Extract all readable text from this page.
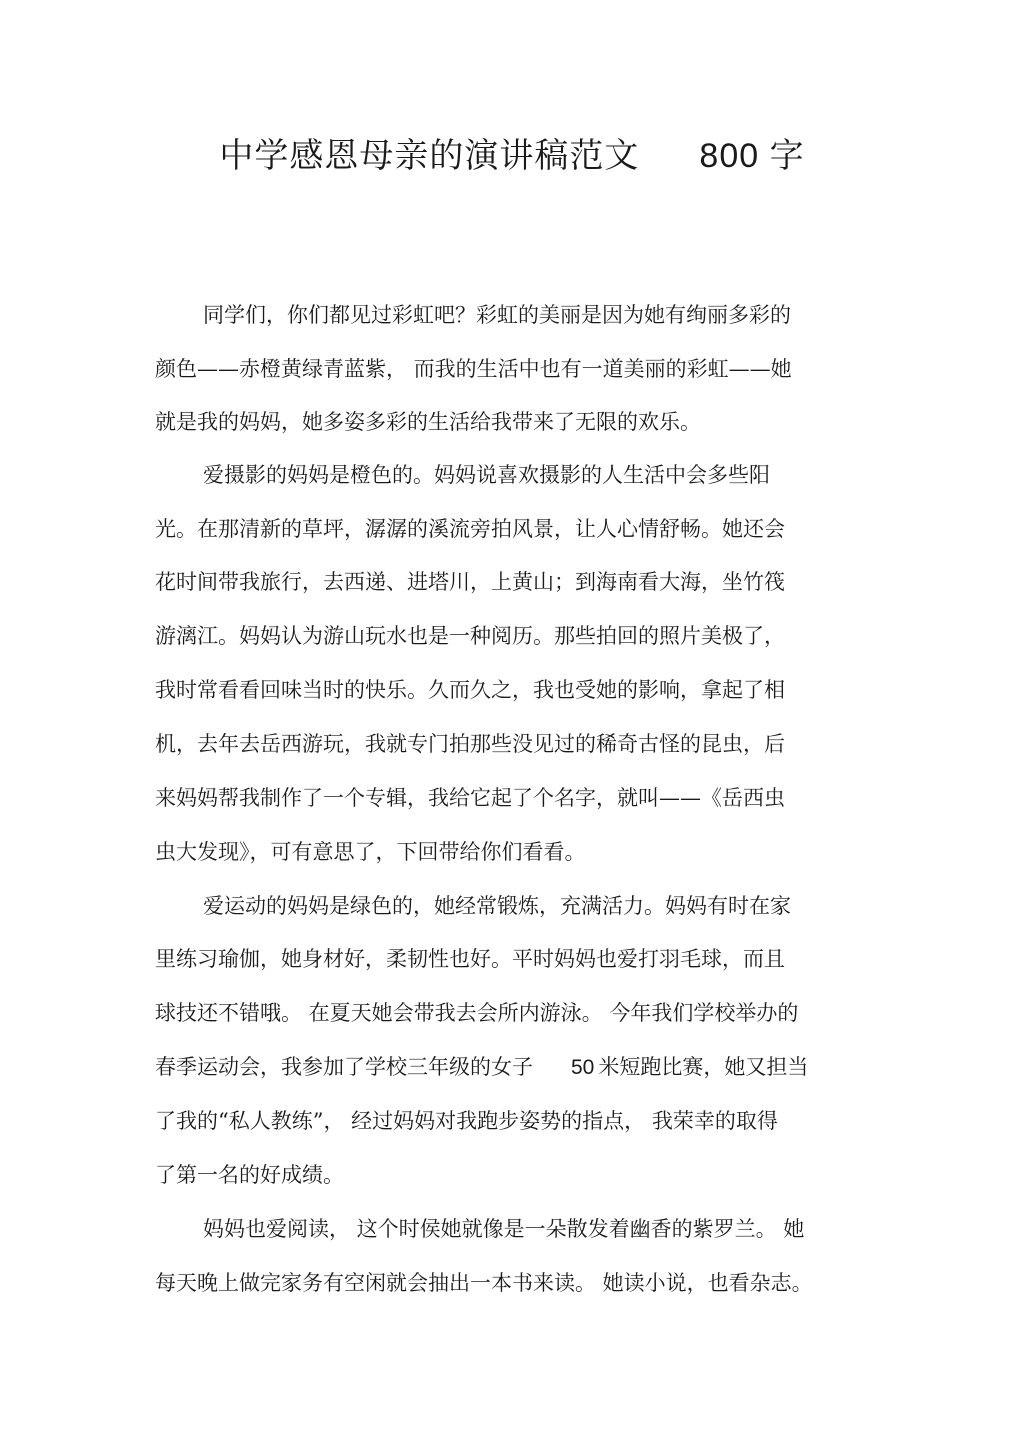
中学感恩母亲的演讲稿范文 800 字
同学们，你们都见过彩虹吧？彩虹的美丽是因为她有绚丽多彩的
颜色——赤橙黄绿青蓝紫， 而我的生活中也有一道美丽的彩虹——她
就是我的妈妈，她多姿多彩的生活给我带来了无限的欢乐。
爱摄影的妈妈是橙色的。妈妈说喜欢摄影的人生活中会多些阳
光。在那清新的草坪，潺潺的溪流旁拍风景，让人心情舒畅。她还会
花时间带我旅行，去西递、进塔川，上黄山；到海南看大海，坐竹筏
游漓江。妈妈认为游山玩水也是一种阅历。那些拍回的照片美极了，
我时常看看回味当时的快乐。久而久之，我也受她的影响，拿起了相
机，去年去岳西游玩，我就专门拍那些没见过的稀奇古怪的昆虫，后
来妈妈帮我制作了一个专辑，我给它起了个名字，就叫——《岳西虫
虫大发现》，可有意思了，下回带给你们看看。
爱运动的妈妈是绿色的，她经常锻炼，充满活力。妈妈有时在家
里练习瑜伽，她身材好，柔韧性也好。平时妈妈也爱打羽毛球，而且
球技还不错哦。 在夏天她会带我去会所内游泳。 今年我们学校举办的
春季运动会，我参加了学校三年级的女子 50 米短跑比赛，她又担当
了我的“私人教练”， 经过妈妈对我跑步姿势的指点， 我荣幸的取得
了第一名的好成绩。
妈妈也爱阅读， 这个时侯她就像是一朵散发着幽香的紫罗兰。 她
每天晚上做完家务有空闲就会抽出一本书来读。 她读小说，也看杂志。
